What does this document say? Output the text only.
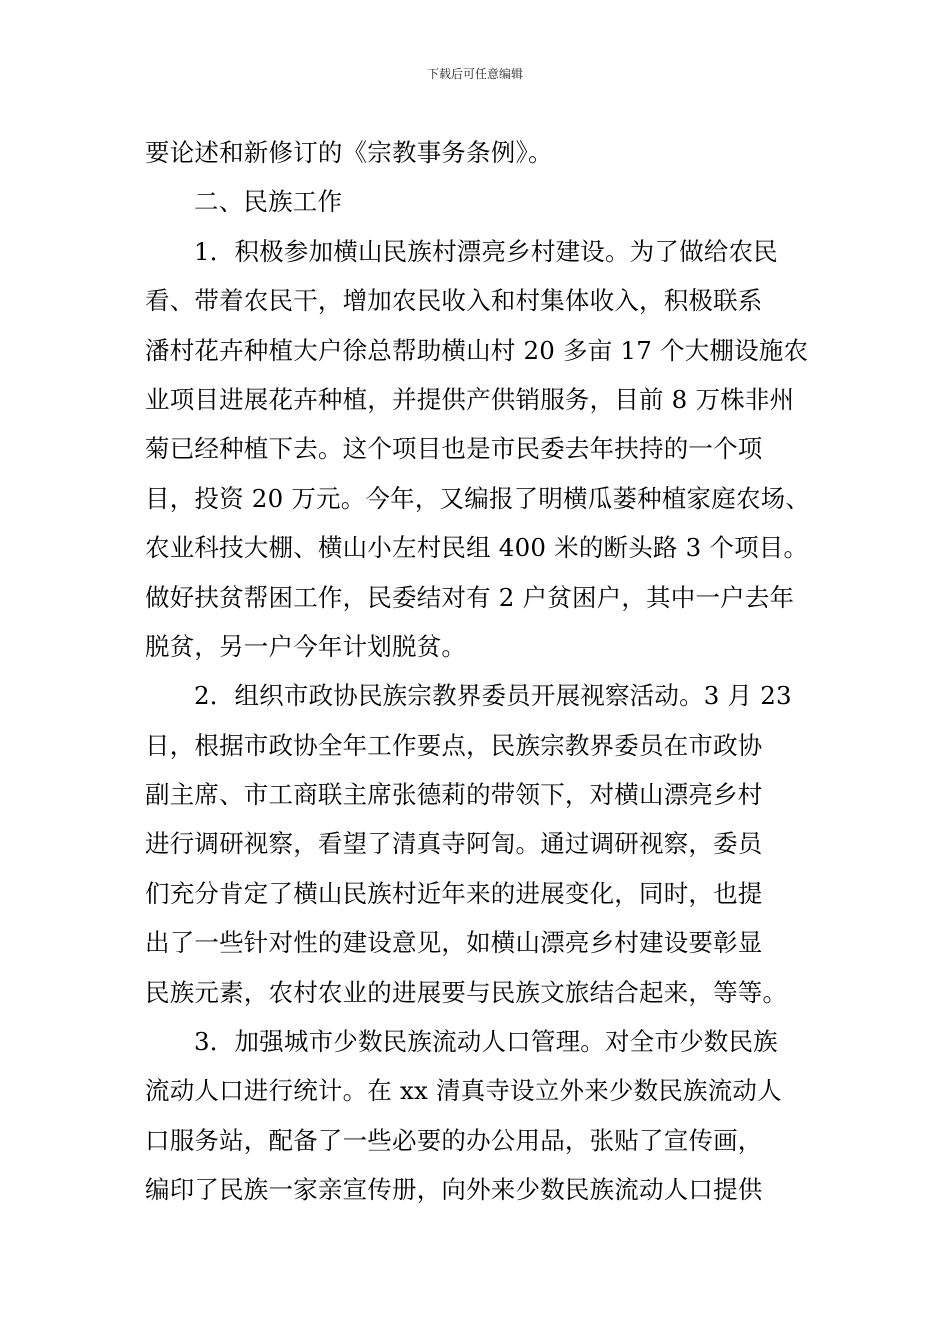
下载后可任意编辑
要论述和新修订的《宗教事务条例》。
二、民族工作
1．积极参加横山民族村漂亮乡村建设。为了做给农民
看、带着农民干，增加农民收入和村集体收入，积极联系
潘村花卉种植大户徐总帮助横山村 20 多亩 17 个大棚设施农
业项目进展花卉种植，并提供产供销服务，目前 8 万株非州
菊已经种植下去。这个项目也是市民委去年扶持的一个项
目，投资 20 万元。今年，又编报了明横瓜蒌种植家庭农场、
农业科技大棚、横山小左村民组 400 米的断头路 3 个项目。
做好扶贫帮困工作，民委结对有 2 户贫困户，其中一户去年
脱贫，另一户今年计划脱贫。
2．组织市政协民族宗教界委员开展视察活动。3 月 23
日，根据市政协全年工作要点，民族宗教界委员在市政协
副主席、市工商联主席张德莉的带领下，对横山漂亮乡村
进行调研视察，看望了清真寺阿訇。通过调研视察，委员
们充分肯定了横山民族村近年来的进展变化，同时，也提
出了一些针对性的建设意见，如横山漂亮乡村建设要彰显
民族元素，农村农业的进展要与民族文旅结合起来，等等。
3．加强城市少数民族流动人口管理。对全市少数民族
流动人口进行统计。在 xx 清真寺设立外来少数民族流动人
口服务站，配备了一些必要的办公用品，张贴了宣传画，
编印了民族一家亲宣传册，向外来少数民族流动人口提供
